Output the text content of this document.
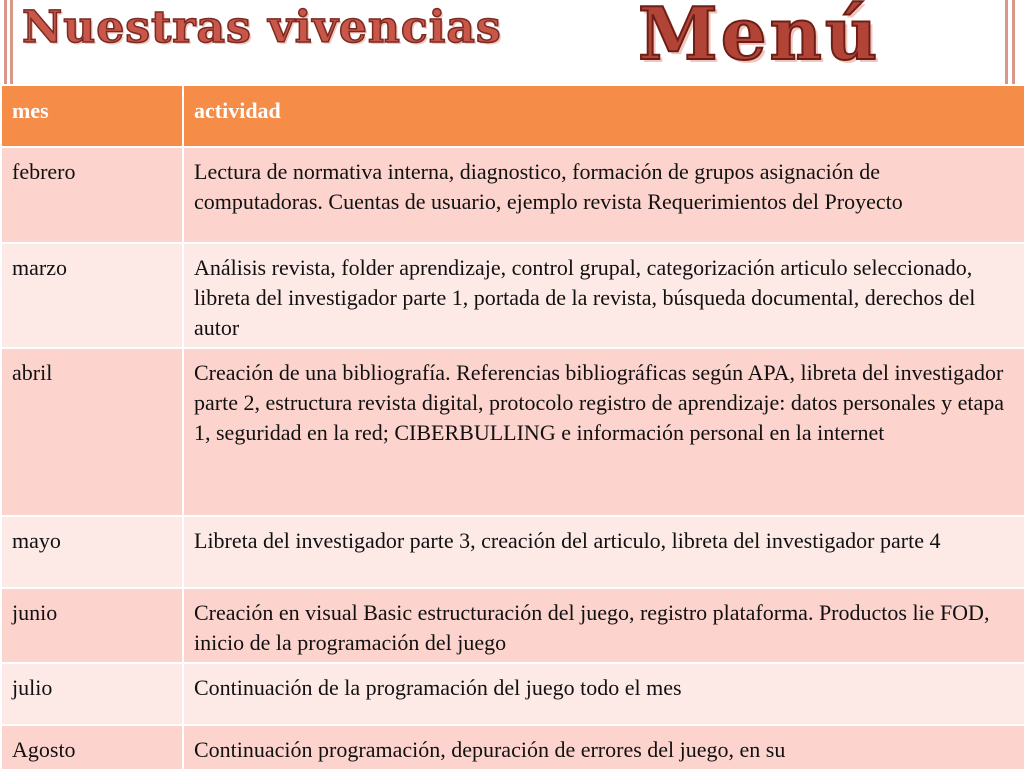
Nuestras vivencias Menú
mes	actividad
febrero	Lectura de normativa interna, diagnostico, formación de grupos asignación de computadoras. Cuentas de usuario, ejemplo revista Requerimientos del Proyecto
marzo	Análisis revista, folder aprendizaje, control grupal, categorización articulo seleccionado, libreta del investigador parte 1, portada de la revista, búsqueda documental, derechos del autor
abril	Creación de una bibliografía. Referencias bibliográficas según APA, libreta del investigador parte 2, estructura revista digital, protocolo registro de aprendizaje: datos personales y etapa 1, seguridad en la red; CIBERBULLING e información personal en la internet
mayo	Libreta del investigador parte 3, creación del articulo, libreta del investigador parte 4
junio	Creación en visual Basic estructuración del juego, registro plataforma. Productos lie FOD, inicio de la programación del juego
julio	Continuación de la programación del juego todo el mes
Agosto	Continuación programación, depuración de errores del juego, en su
